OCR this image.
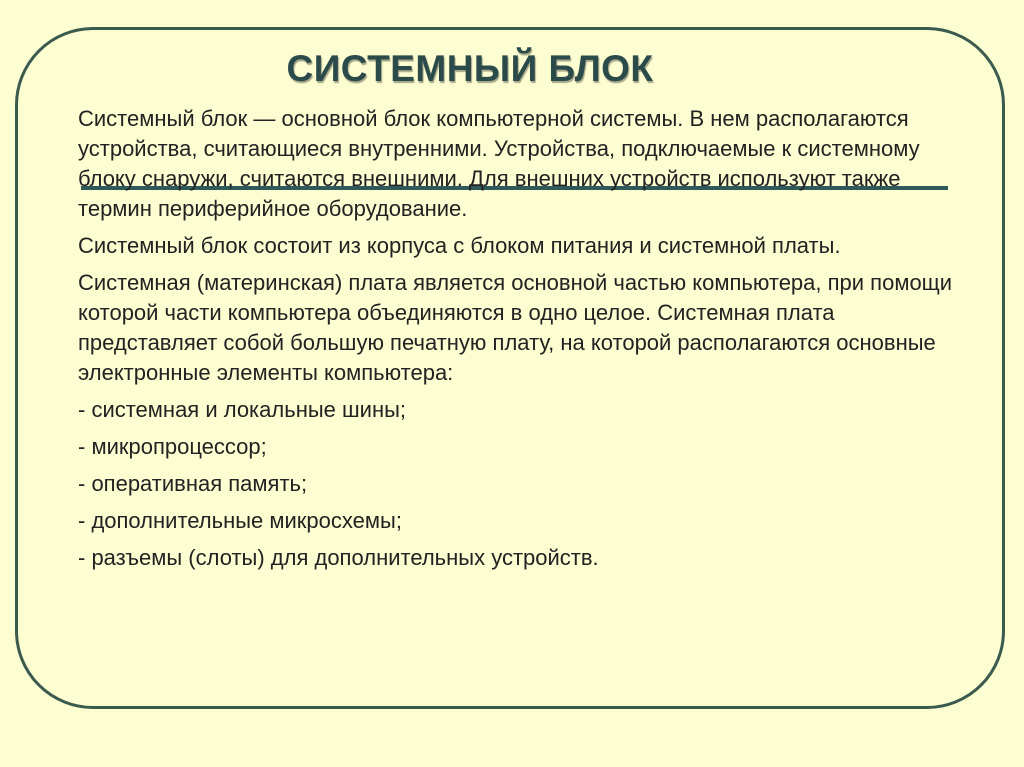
СИСТЕМНЫЙ БЛОК

Системный блок — основной блок компьютерной системы. В нем располагаются устройства, считающиеся внутренними. Устройства, подключаемые к системному блоку снаружи, считаются внешними. Для внешних устройств используют также термин периферийное оборудование.

Системный блок состоит из корпуса с блоком питания и системной платы.

Системная (материнская) плата является основной частью компьютера, при помощи которой части компьютера объединяются в одно целое. Системная плата представляет собой большую печатную плату, на которой располагаются основные электронные элементы компьютера:

- системная и локальные шины;

- микропроцессор;

- оперативная память;

- дополнительные микросхемы;

- разъемы (слоты) для дополнительных устройств.
